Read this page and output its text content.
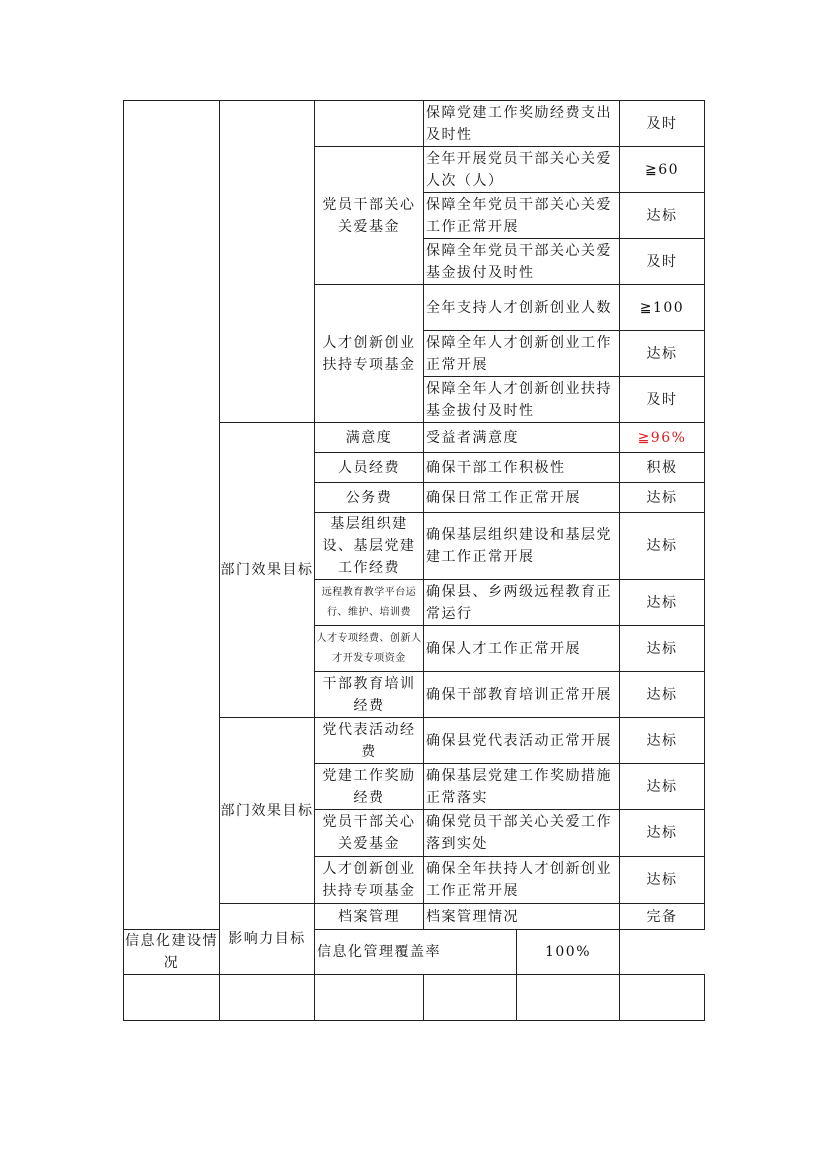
			保障党建工作奖励经费支出及时性		及时
		党员干部关心关爱基金	全年开展党员干部关心关爱人次（人）		≧60
			保障全年党员干部关心关爱工作正常开展		达标
			保障全年党员干部关心关爱基金拔付及时性		及时
		人才创新创业扶持专项基金	全年支持人才创新创业人数		≧100
			保障全年人才创新创业工作正常开展		达标
			保障全年人才创新创业扶持基金拔付及时性		及时
	部门效果目标	满意度	受益者满意度		≧96%
		人员经费	确保干部工作积极性		积极
		公务费	确保日常工作正常开展		达标
		基层组织建设、基层党建工作经费	确保基层组织建设和基层党建工作正常开展		达标
		远程教育教学平台运行、维护、培训费	确保县、乡两级远程教育正常运行		达标
		人才专项经费、创新人才开发专项资金	确保人才工作正常开展		达标
		干部教育培训经费	确保干部教育培训正常开展		达标
	部门效果目标	党代表活动经费	确保县党代表活动正常开展		达标
		党建工作奖励经费	确保基层党建工作奖励措施正常落实		达标
		党员干部关心关爱基金	确保党员干部关心关爱工作落到实处		达标
		人才创新创业扶持专项基金	确保全年扶持人才创新创业工作正常开展		达标
	影响力目标	档案管理	档案管理情况		完备
信息化建设情况		信息化管理覆盖率		100%	
